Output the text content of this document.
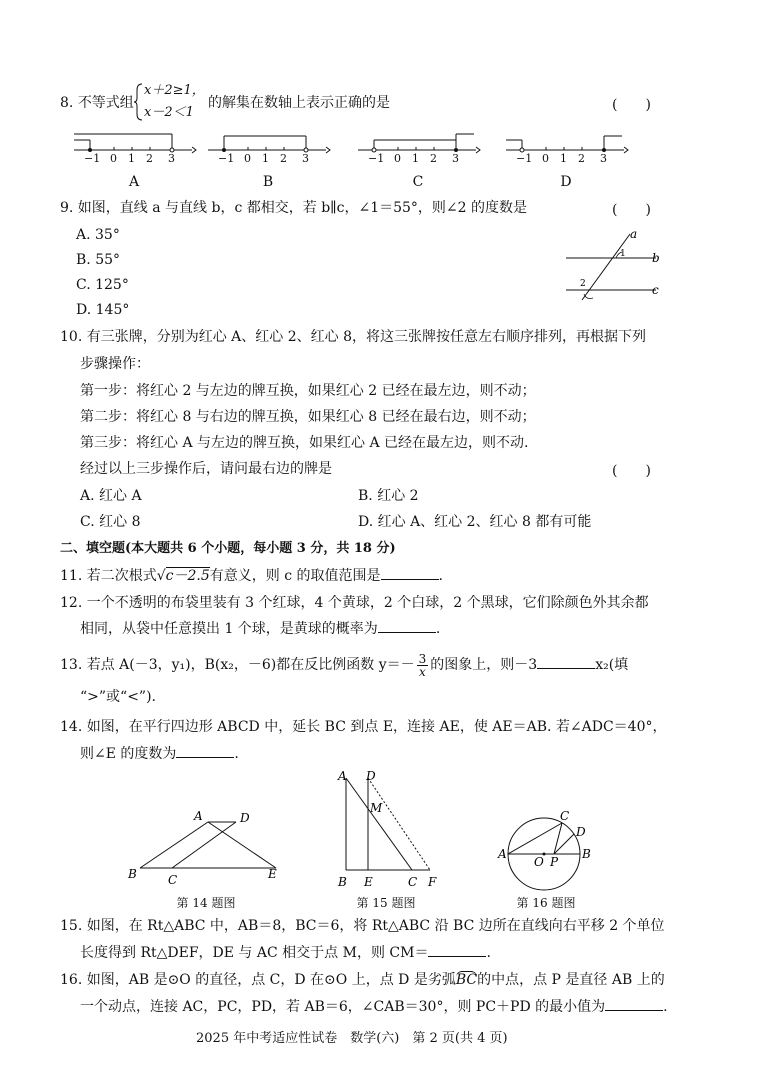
8. 不等式组
x＋2≥1，
x－2＜1
的解集在数轴上表示正确的是	(　　)
−1 0 1 2 3	−1 0 1 2 3	−1 0 1 2 3	−1 0 1 2 3
A	B	C	D
9. 如图，直线 a 与直线 b，c 都相交，若 b∥c，∠1＝55°，则∠2 的度数是	(　　)
A. 35°
B. 55°
C. 125°
D. 145°
a
b
c
1
2
10. 有三张牌，分别为红心 A、红心 2、红心 8，将这三张牌按任意左右顺序排列，再根据下列
步骤操作：
第一步：将红心 2 与左边的牌互换，如果红心 2 已经在最左边，则不动；
第二步：将红心 8 与右边的牌互换，如果红心 8 已经在最右边，则不动；
第三步：将红心 A 与左边的牌互换，如果红心 A 已经在最左边，则不动.
经过以上三步操作后，请问最右边的牌是	(　　)
A. 红心 A	B. 红心 2
C. 红心 8	D. 红心 A、红心 2、红心 8 都有可能
二、填空题(本大题共 6 个小题，每小题 3 分，共 18 分)
11. 若二次根式√c－2.5有意义，则 c 的取值范围是	.
12. 一个不透明的布袋里装有 3 个红球，4 个黄球，2 个白球，2 个黑球，它们除颜色外其余都
相同，从袋中任意摸出 1 个球，是黄球的概率为	.
13. 若点 A(－3，y₁)，B(x₂，－6)都在反比例函数 $y=- \frac{3}{x}$ 的图象上，则－3	x₂(填
“>”或“<”).
14. 如图，在平行四边形 ABCD 中，延长 BC 到点 E，连接 AE，使 AE＝AB. 若∠ADC＝40°，
则∠E 的度数为	.
A	D
B	C	E
第 14 题图
A D
M
B E	C F
第 15 题图
A	B
C
D
O P
第 16 题图
15. 如图，在 Rt△ABC 中，AB＝8，BC＝6，将 Rt△ABC 沿 BC 边所在直线向右平移 2 个单位
长度得到 Rt△DEF，DE 与 AC 相交于点 M，则 CM＝	.
16. 如图，AB 是⊙O 的直径，点 C，D 在⊙O 上，点 D 是劣弧BC的中点，点 P 是直径 AB 上的
一个动点，连接 AC，PC，PD，若 AB＝6，∠CAB＝30°，则 PC＋PD 的最小值为	.
2025 年中考适应性试卷　数学(六)　第 2 页(共 4 页)
